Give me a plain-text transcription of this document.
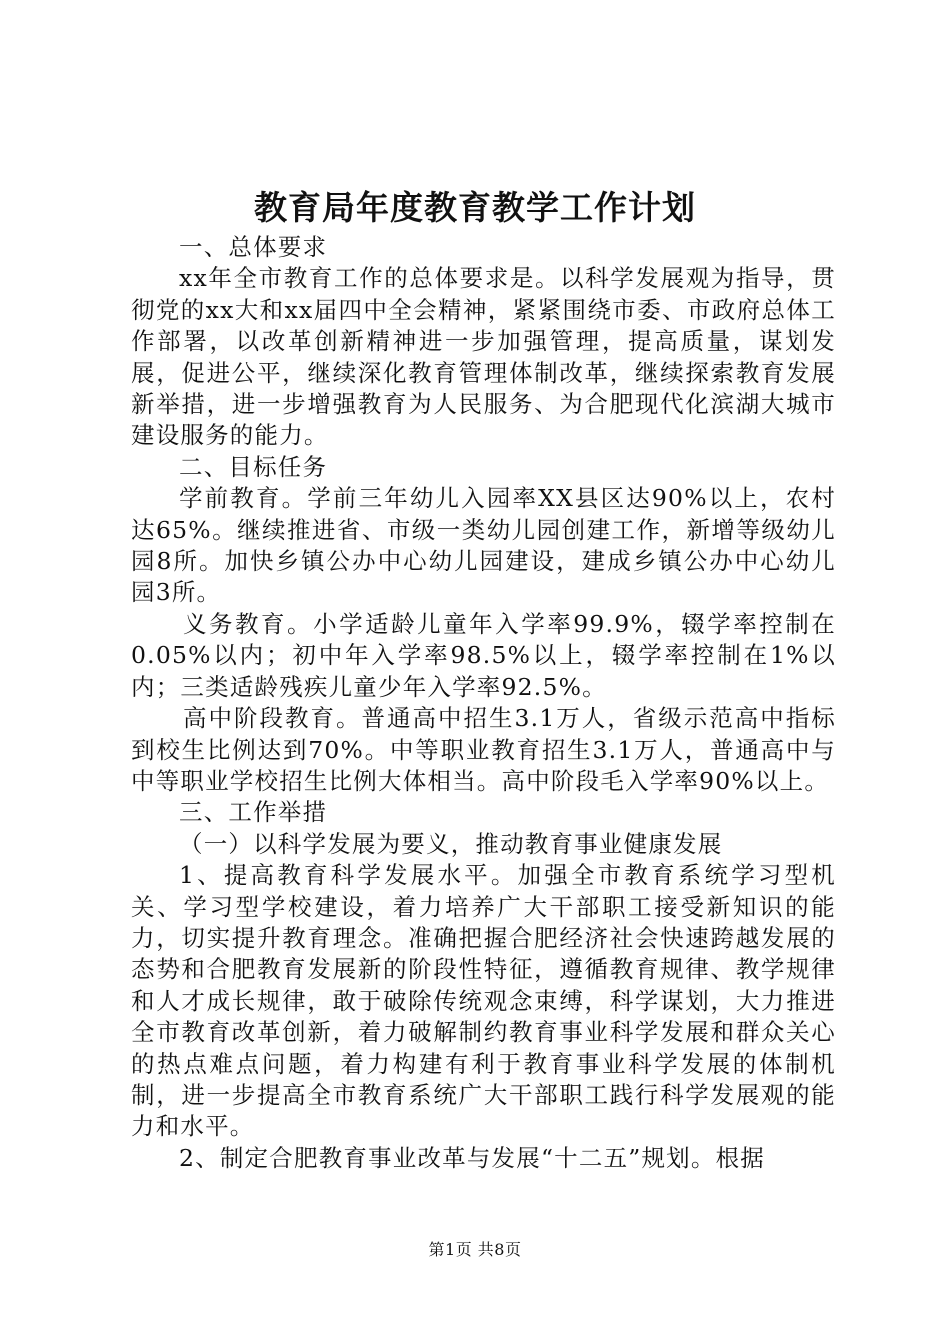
教育局年度教育教学工作计划

一、总体要求

xx年全市教育工作的总体要求是。以科学发展观为指导，贯彻党的xx大和xx届四中全会精神，紧紧围绕市委、市政府总体工作部署，以改革创新精神进一步加强管理，提高质量，谋划发展，促进公平，继续深化教育管理体制改革，继续探索教育发展新举措，进一步增强教育为人民服务、为合肥现代化滨湖大城市建设服务的能力。

二、目标任务

学前教育。学前三年幼儿入园率XX县区达90%以上，农村达65%。继续推进省、市级一类幼儿园创建工作，新增等级幼儿园8所。加快乡镇公办中心幼儿园建设，建成乡镇公办中心幼儿园3所。

义务教育。小学适龄儿童年入学率99.9%，辍学率控制在0.05%以内；初中年入学率98.5%以上，辍学率控制在1%以内；三类适龄残疾儿童少年入学率92.5%。

高中阶段教育。普通高中招生3.1万人，省级示范高中指标到校生比例达到70%。中等职业教育招生3.1万人，普通高中与中等职业学校招生比例大体相当。高中阶段毛入学率90%以上。

三、工作举措

（一）以科学发展为要义，推动教育事业健康发展

1、提高教育科学发展水平。加强全市教育系统学习型机关、学习型学校建设，着力培养广大干部职工接受新知识的能力，切实提升教育理念。准确把握合肥经济社会快速跨越发展的态势和合肥教育发展新的阶段性特征，遵循教育规律、教学规律和人才成长规律，敢于破除传统观念束缚，科学谋划，大力推进全市教育改革创新，着力破解制约教育事业科学发展和群众关心的热点难点问题，着力构建有利于教育事业科学发展的体制机制，进一步提高全市教育系统广大干部职工践行科学发展观的能力和水平。

2、制定合肥教育事业改革与发展“十二五”规划。根据

第1页 共8页
